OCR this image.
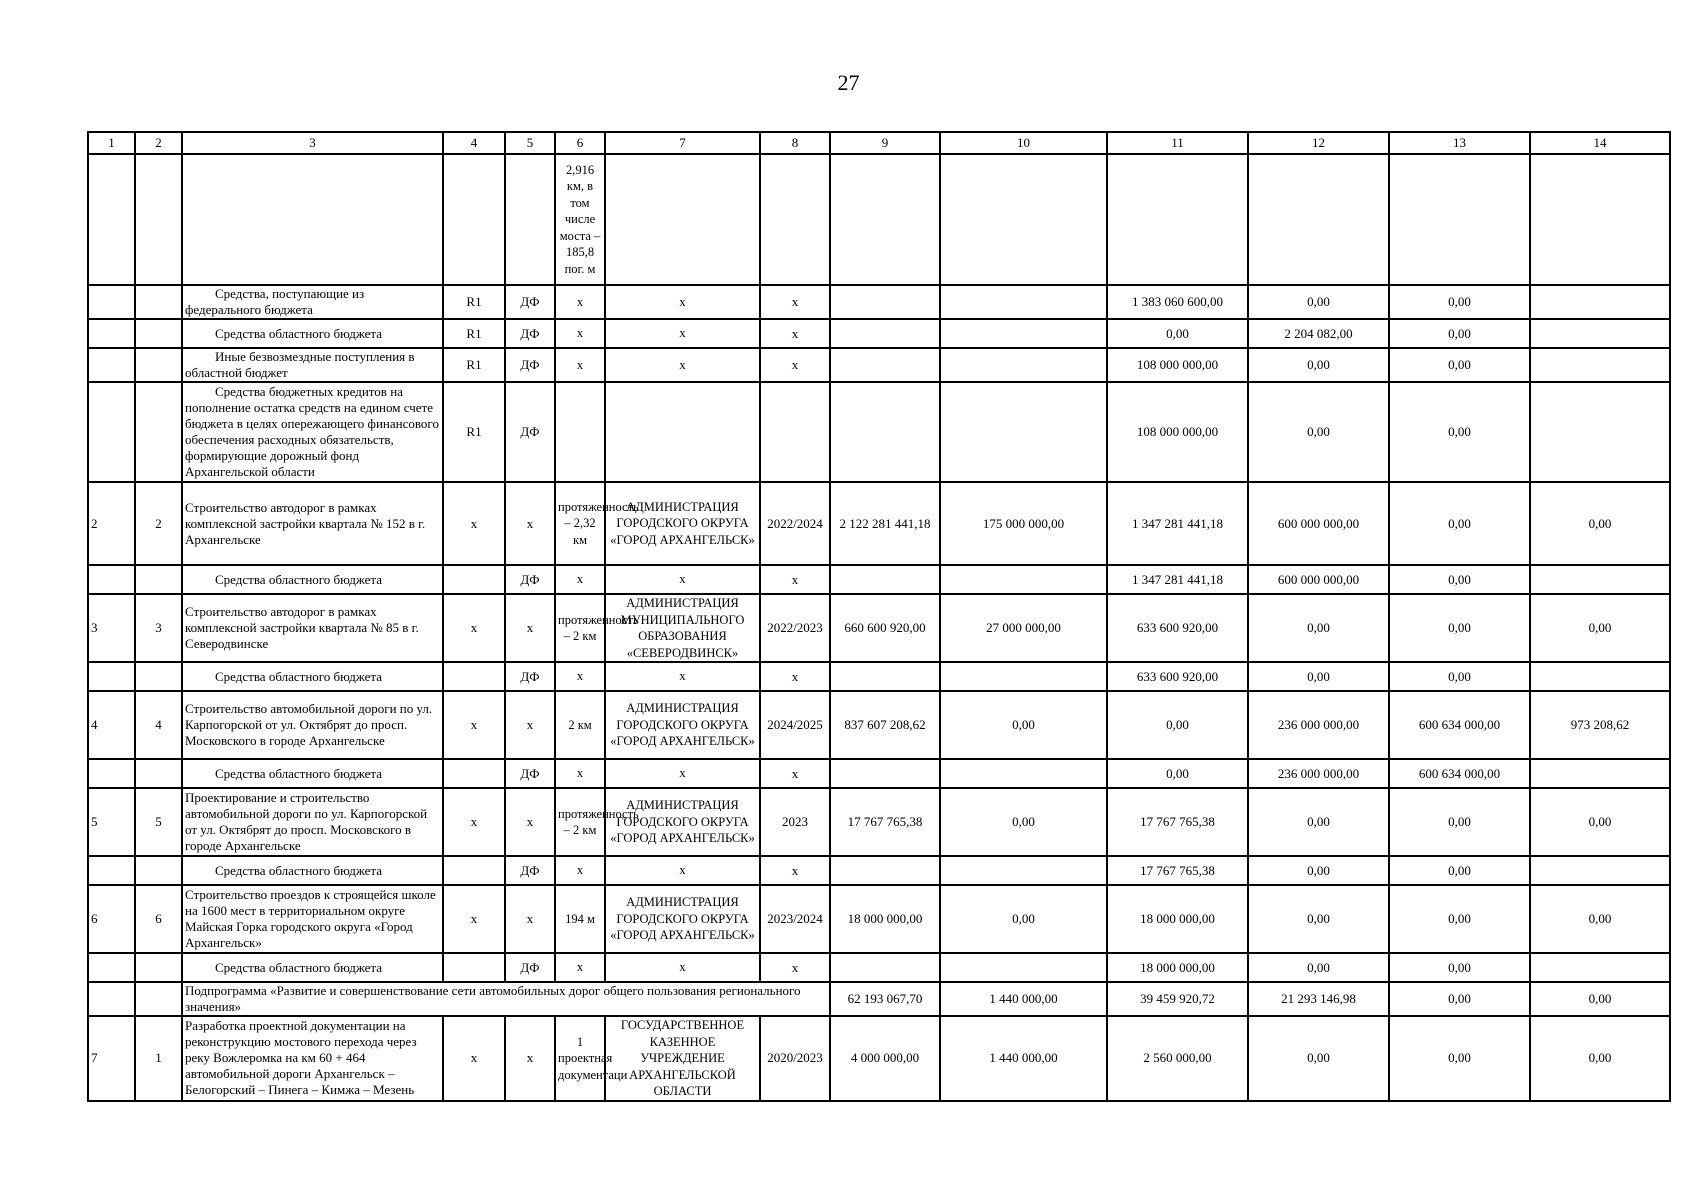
27
1	2	3	4	5	6	7	8	9	10	11	12	13	14
					2,916 км, в том числе моста – 185,8 пог. м								
		Средства, поступающие из федерального бюджета	R1	ДФ	х	х	х			1 383 060 600,00	0,00	0,00	
		Средства областного бюджета	R1	ДФ	х	х	х			0,00	2 204 082,00	0,00	
		Иные безвозмездные поступления в областной бюджет	R1	ДФ	х	х	х			108 000 000,00	0,00	0,00	
		Средства бюджетных кредитов на пополнение остатка средств на едином счете бюджета в целях опережающего финансового обеспечения расходных обязательств, формирующие дорожный фонд Архангельской области	R1	ДФ						108 000 000,00	0,00	0,00	
2	2	Строительство автодорог в рамках комплексной застройки квартала № 152 в г. Архангельске	х	х	протяженность – 2,32 км	АДМИНИСТРАЦИЯ ГОРОДСКОГО ОКРУГА «ГОРОД АРХАНГЕЛЬСК»	2022/2024	2 122 281 441,18	175 000 000,00	1 347 281 441,18	600 000 000,00	0,00	0,00
		Средства областного бюджета		ДФ	х	х	х			1 347 281 441,18	600 000 000,00	0,00	
3	3	Строительство автодорог в рамках комплексной застройки квартала № 85 в г. Северодвинске	х	х	протяженность – 2 км	АДМИНИСТРАЦИЯ МУНИЦИПАЛЬНОГО ОБРАЗОВАНИЯ «СЕВЕРОДВИНСК»	2022/2023	660 600 920,00	27 000 000,00	633 600 920,00	0,00	0,00	0,00
		Средства областного бюджета		ДФ	х	х	х			633 600 920,00	0,00	0,00	
4	4	Строительство автомобильной дороги по ул. Карпогорской от ул. Октябрят до просп. Московского в городе Архангельске	х	х	2 км	АДМИНИСТРАЦИЯ ГОРОДСКОГО ОКРУГА «ГОРОД АРХАНГЕЛЬСК»	2024/2025	837 607 208,62	0,00	0,00	236 000 000,00	600 634 000,00	973 208,62
		Средства областного бюджета		ДФ	х	х	х			0,00	236 000 000,00	600 634 000,00	
5	5	Проектирование и строительство автомобильной дороги по ул. Карпогорской от ул. Октябрят до просп. Московского в городе Архангельске	х	х	протяженность – 2 км	АДМИНИСТРАЦИЯ ГОРОДСКОГО ОКРУГА «ГОРОД АРХАНГЕЛЬСК»	2023	17 767 765,38	0,00	17 767 765,38	0,00	0,00	0,00
		Средства областного бюджета		ДФ	х	х	х			17 767 765,38	0,00	0,00	
6	6	Строительство проездов к строящейся школе на 1600 мест в территориальном округе Майская Горка городского округа «Город Архангельск»	х	х	194 м	АДМИНИСТРАЦИЯ ГОРОДСКОГО ОКРУГА «ГОРОД АРХАНГЕЛЬСК»	2023/2024	18 000 000,00	0,00	18 000 000,00	0,00	0,00	0,00
		Средства областного бюджета		ДФ	х	х	х			18 000 000,00	0,00	0,00	
		Подпрограмма «Развитие и совершенствование сети автомобильных дорог общего пользования регионального значения»						62 193 067,70	1 440 000,00	39 459 920,72	21 293 146,98	0,00	0,00
7	1	Разработка проектной документации на реконструкцию мостового перехода через реку Вожлеромка на км 60 + 464 автомобильной дороги Архангельск – Белогорский – Пинега – Кимжа – Мезень	х	х	1 проектная документаци	ГОСУДАРСТВЕННОЕ КАЗЕННОЕ УЧРЕЖДЕНИЕ АРХАНГЕЛЬСКОЙ ОБЛАСТИ	2020/2023	4 000 000,00	1 440 000,00	2 560 000,00	0,00	0,00	0,00
